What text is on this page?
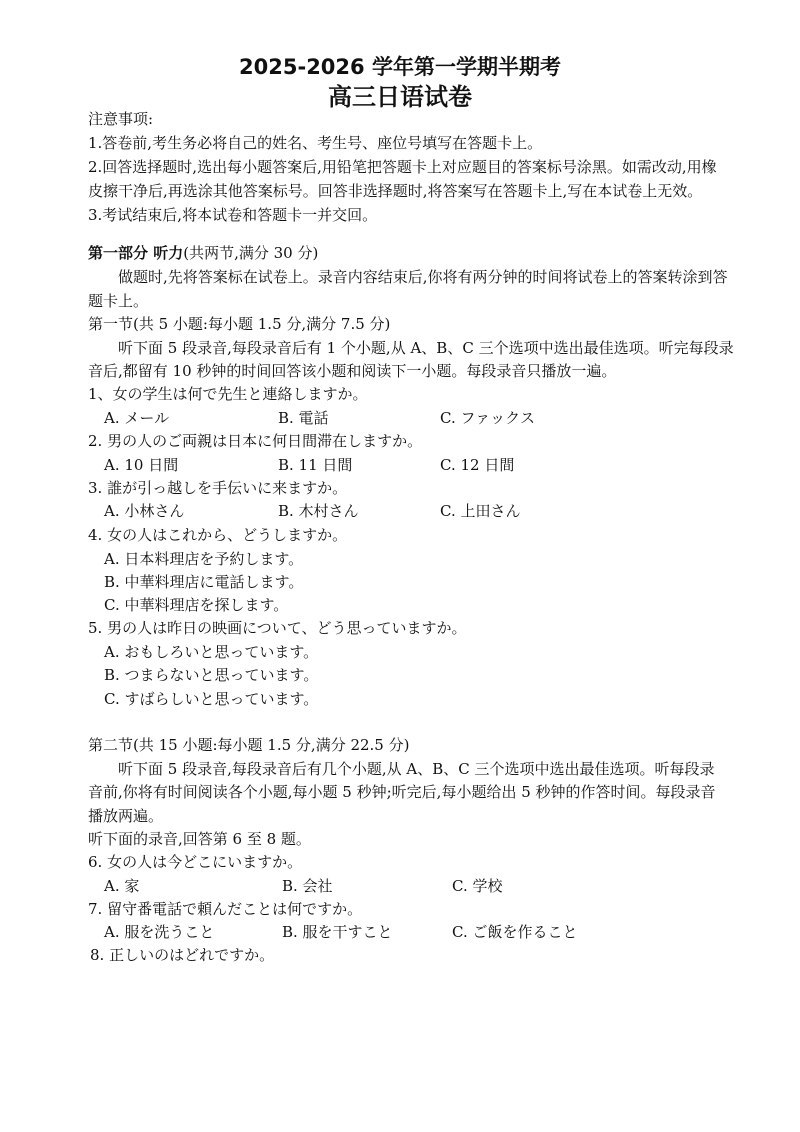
2025-2026 学年第一学期半期考
高三日语试卷
注意事项:
1.答卷前,考生务必将自己的姓名、考生号、座位号填写在答题卡上。
2.回答选择题时,选出每小题答案后,用铅笔把答题卡上对应题目的答案标号涂黑。如需改动,用橡
皮擦干净后,再选涂其他答案标号。回答非选择题时,将答案写在答题卡上,写在本试卷上无效。
3.考试结束后,将本试卷和答题卡一并交回。
第一部分 听力(共两节,满分 30 分)
做题时,先将答案标在试卷上。录音内容结束后,你将有两分钟的时间将试卷上的答案转涂到答
题卡上。
第一节(共 5 小题:每小题 1.5 分,满分 7.5 分)
听下面 5 段录音,每段录音后有 1 个小题,从 A、B、C 三个选项中选出最佳选项。听完每段录
音后,都留有 10 秒钟的时间回答该小题和阅读下一小题。每段录音只播放一遍。
1、女の学生は何で先生と連絡しますか。
A. メール	B. 電話	C. ファックス
2. 男の人のご両親は日本に何日間滞在しますか。
A. 10 日間	B. 11 日間	C. 12 日間
3. 誰が引っ越しを手伝いに来ますか。
A. 小林さん	B. 木村さん	C. 上田さん
4. 女の人はこれから、どうしますか。
A. 日本料理店を予約します。
B. 中華料理店に電話します。
C. 中華料理店を探します。
5. 男の人は昨日の映画について、どう思っていますか。
A. おもしろいと思っています。
B. つまらないと思っています。
C. すばらしいと思っています。
第二节(共 15 小题:每小题 1.5 分,满分 22.5 分)
听下面 5 段录音,每段录音后有几个小题,从 A、B、C 三个选项中选出最佳选项。听每段录
音前,你将有时间阅读各个小题,每小题 5 秒钟;听完后,每小题给出 5 秒钟的作答时间。每段录音
播放两遍。
听下面的录音,回答第 6 至 8 题。
6. 女の人は今どこにいますか。
A. 家	B. 会社	C. 学校
7. 留守番電話で頼んだことは何ですか。
A. 服を洗うこと	B. 服を干すこと	C. ご飯を作ること
8. 正しいのはどれですか。
